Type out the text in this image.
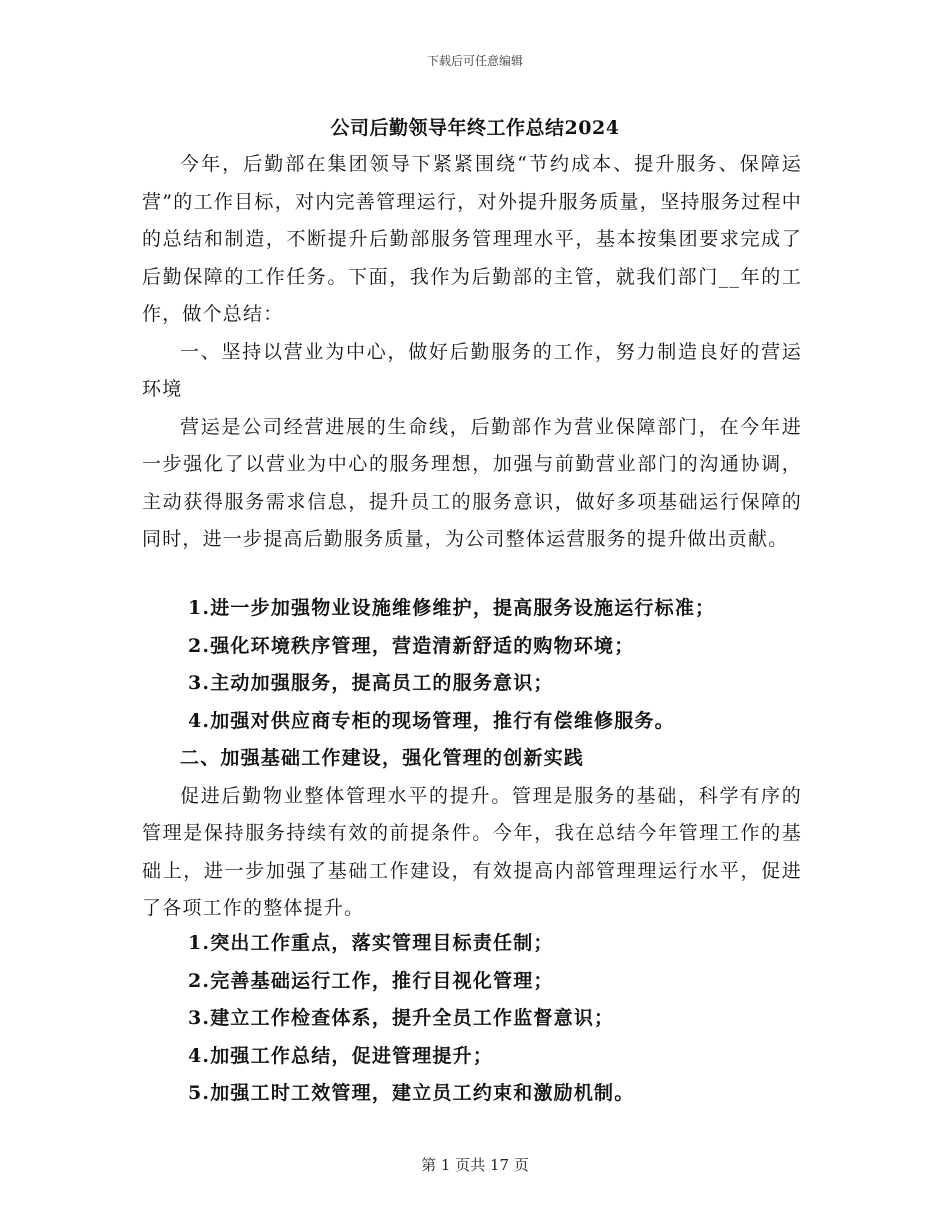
下载后可任意编辑
公司后勤领导年终工作总结2024

今年，后勤部在集团领导下紧紧围绕“节约成本、提升服务、保障运营”的工作目标，对内完善管理运行，对外提升服务质量，坚持服务过程中的总结和制造，不断提升后勤部服务管理理水平，基本按集团要求完成了后勤保障的工作任务。下面，我作为后勤部的主管，就我们部门__年的工作，做个总结：

一、坚持以营业为中心，做好后勤服务的工作，努力制造良好的营运环境

营运是公司经营进展的生命线，后勤部作为营业保障部门，在今年进一步强化了以营业为中心的服务理想，加强与前勤营业部门的沟通协调，主动获得服务需求信息，提升员工的服务意识，做好多项基础运行保障的同时，进一步提高后勤服务质量，为公司整体运营服务的提升做出贡献。

1.进一步加强物业设施维修维护，提高服务设施运行标准；

2.强化环境秩序管理，营造清新舒适的购物环境；

3.主动加强服务，提高员工的服务意识；

4.加强对供应商专柜的现场管理，推行有偿维修服务。

二、加强基础工作建设，强化管理的创新实践

促进后勤物业整体管理水平的提升。管理是服务的基础，科学有序的管理是保持服务持续有效的前提条件。今年，我在总结今年管理工作的基础上，进一步加强了基础工作建设，有效提高内部管理理运行水平，促进了各项工作的整体提升。

1.突出工作重点，落实管理目标责任制；

2.完善基础运行工作，推行目视化管理；

3.建立工作检查体系，提升全员工作监督意识；

4.加强工作总结，促进管理提升；

5.加强工时工效管理，建立员工约束和激励机制。

第 1 页共 17 页
